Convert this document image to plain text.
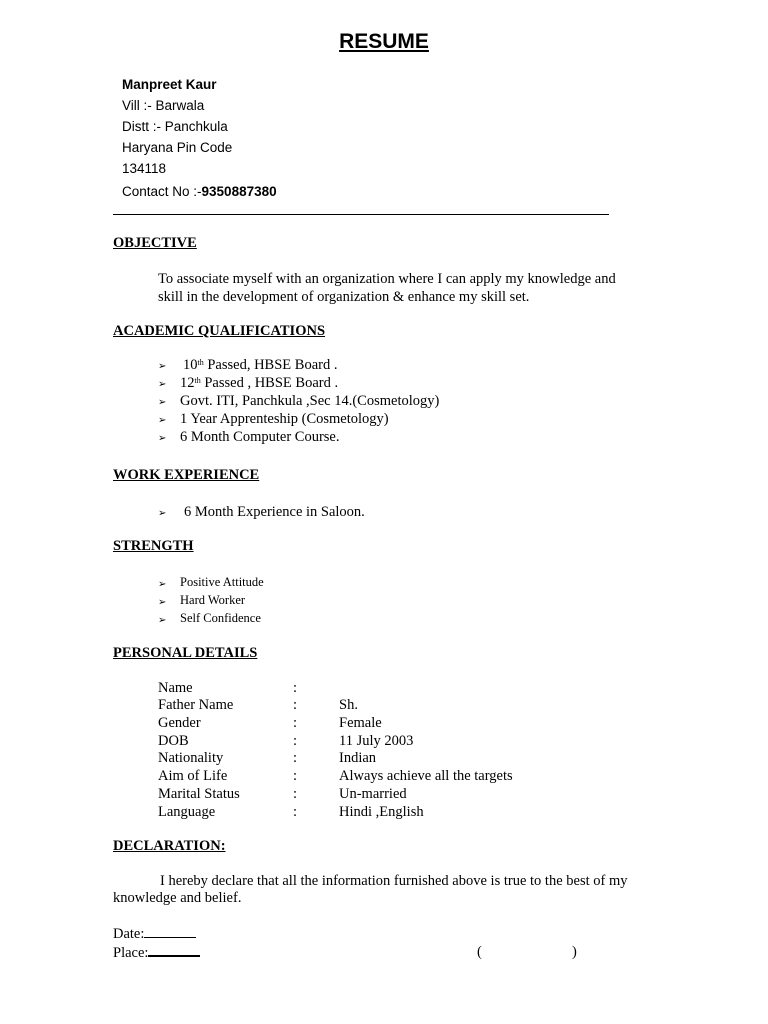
RESUME
Manpreet Kaur
Vill :- Barwala
Distt :- Panchkula
Haryana Pin Code
134118
Contact No :-9350887380
OBJECTIVE
To associate myself with an organization where I can apply my knowledge and
skill in the development of organization & enhance my skill set.
ACADEMIC QUALIFICATIONS
➢ 10th Passed, HBSE Board .
➢ 12th Passed , HBSE Board .
➢ Govt. ITI, Panchkula ,Sec 14.(Cosmetology)
➢ 1 Year Apprenteship (Cosmetology)
➢ 6 Month Computer Course.
WORK EXPERIENCE
➢ 6 Month Experience in Saloon.
STRENGTH
➢ Positive Attitude
➢ Hard Worker
➢ Self Confidence
PERSONAL DETAILS
Name	:
Father Name	:	Sh.
Gender	:	Female
DOB	:	11 July 2003
Nationality	:	Indian
Aim of Life	:	Always achieve all the targets
Marital Status	:	Un-married
Language	:	Hindi ,English
DECLARATION:
I hereby declare that all the information furnished above is true to the best of my
knowledge and belief.
Date:
Place:	(	)
